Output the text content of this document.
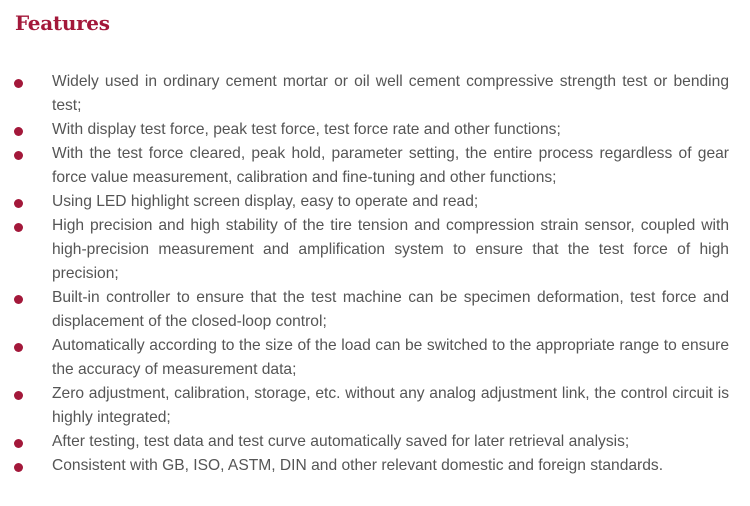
Features
Widely used in ordinary cement mortar or oil well cement compressive strength test or bending test;
With display test force, peak test force, test force rate and other functions;
With the test force cleared, peak hold, parameter setting, the entire process regardless of gear force value measurement, calibration and fine-tuning and other functions;
Using LED highlight screen display, easy to operate and read;
High precision and high stability of the tire tension and compression strain sensor, coupled with high-precision measurement and amplification system to ensure that the test force of high precision;
Built-in controller to ensure that the test machine can be specimen deformation, test force and displacement of the closed-loop control;
Automatically according to the size of the load can be switched to the appropriate range to ensure the accuracy of measurement data;
Zero adjustment, calibration, storage, etc. without any analog adjustment link, the control circuit is highly integrated;
After testing, test data and test curve automatically saved for later retrieval analysis;
Consistent with GB, ISO, ASTM, DIN and other relevant domestic and foreign standards.
